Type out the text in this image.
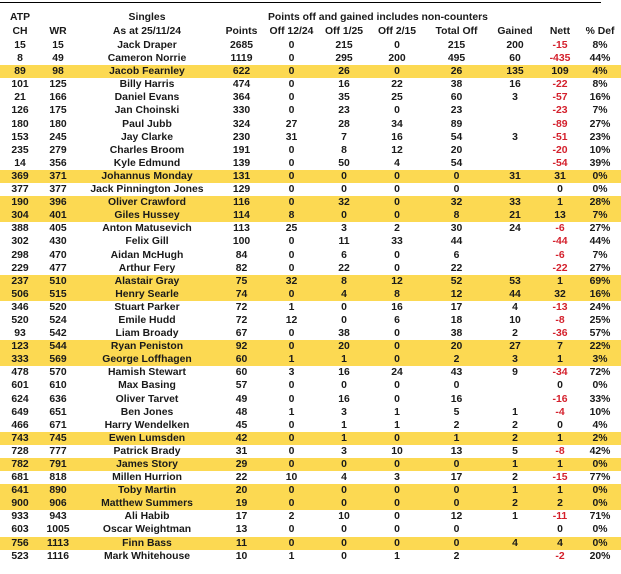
ATP		Singles		Points off and gained includes non-counters						
CH	WR	As at 25/11/24	Points	Off 12/24	Off 1/25	Off 2/15	Total Off	Gained	Nett	% Def
15	15	Jack Draper	2685	0	215	0	215	200	-15	8%
8	49	Cameron Norrie	1119	0	295	200	495	60	-435	44%
89	98	Jacob Fearnley	622	0	26	0	26	135	109	4%
101	125	Billy Harris	474	0	16	22	38	16	-22	8%
21	166	Daniel Evans	364	0	35	25	60	3	-57	16%
126	175	Jan Choinski	330	0	23	0	23		-23	7%
180	180	Paul Jubb	324	27	28	34	89		-89	27%
153	245	Jay Clarke	230	31	7	16	54	3	-51	23%
235	279	Charles Broom	191	0	8	12	20		-20	10%
14	356	Kyle Edmund	139	0	50	4	54		-54	39%
369	371	Johannus Monday	131	0	0	0	0	31	31	0%
377	377	Jack Pinnington Jones	129	0	0	0	0		0	0%
190	396	Oliver Crawford	116	0	32	0	32	33	1	28%
304	401	Giles Hussey	114	8	0	0	8	21	13	7%
388	405	Anton Matusevich	113	25	3	2	30	24	-6	27%
302	430	Felix Gill	100	0	11	33	44		-44	44%
298	470	Aidan McHugh	84	0	6	0	6		-6	7%
229	477	Arthur Fery	82	0	22	0	22		-22	27%
237	510	Alastair Gray	75	32	8	12	52	53	1	69%
506	515	Henry Searle	74	0	4	8	12	44	32	16%
346	520	Stuart Parker	72	1	0	16	17	4	-13	24%
520	524	Emile Hudd	72	12	0	6	18	10	-8	25%
93	542	Liam Broady	67	0	38	0	38	2	-36	57%
123	544	Ryan Peniston	92	0	20	0	20	27	7	22%
333	569	George Loffhagen	60	1	1	0	2	3	1	3%
478	570	Hamish Stewart	60	3	16	24	43	9	-34	72%
601	610	Max Basing	57	0	0	0	0		0	0%
624	636	Oliver Tarvet	49	0	16	0	16		-16	33%
649	651	Ben Jones	48	1	3	1	5	1	-4	10%
466	671	Harry Wendelken	45	0	1	1	2	2	0	4%
743	745	Ewen Lumsden	42	0	1	0	1	2	1	2%
728	777	Patrick Brady	31	0	3	10	13	5	-8	42%
782	791	James Story	29	0	0	0	0	1	1	0%
681	818	Millen Hurrion	22	10	4	3	17	2	-15	77%
641	890	Toby Martin	20	0	0	0	0	1	1	0%
900	906	Matthew Summers	19	0	0	0	0	2	2	0%
933	943	Ali Habib	17	2	10	0	12	1	-11	71%
603	1005	Oscar Weightman	13	0	0	0	0		0	0%
756	1113	Finn Bass	11	0	0	0	0	4	4	0%
523	1116	Mark Whitehouse	10	1	0	1	2		-2	20%
